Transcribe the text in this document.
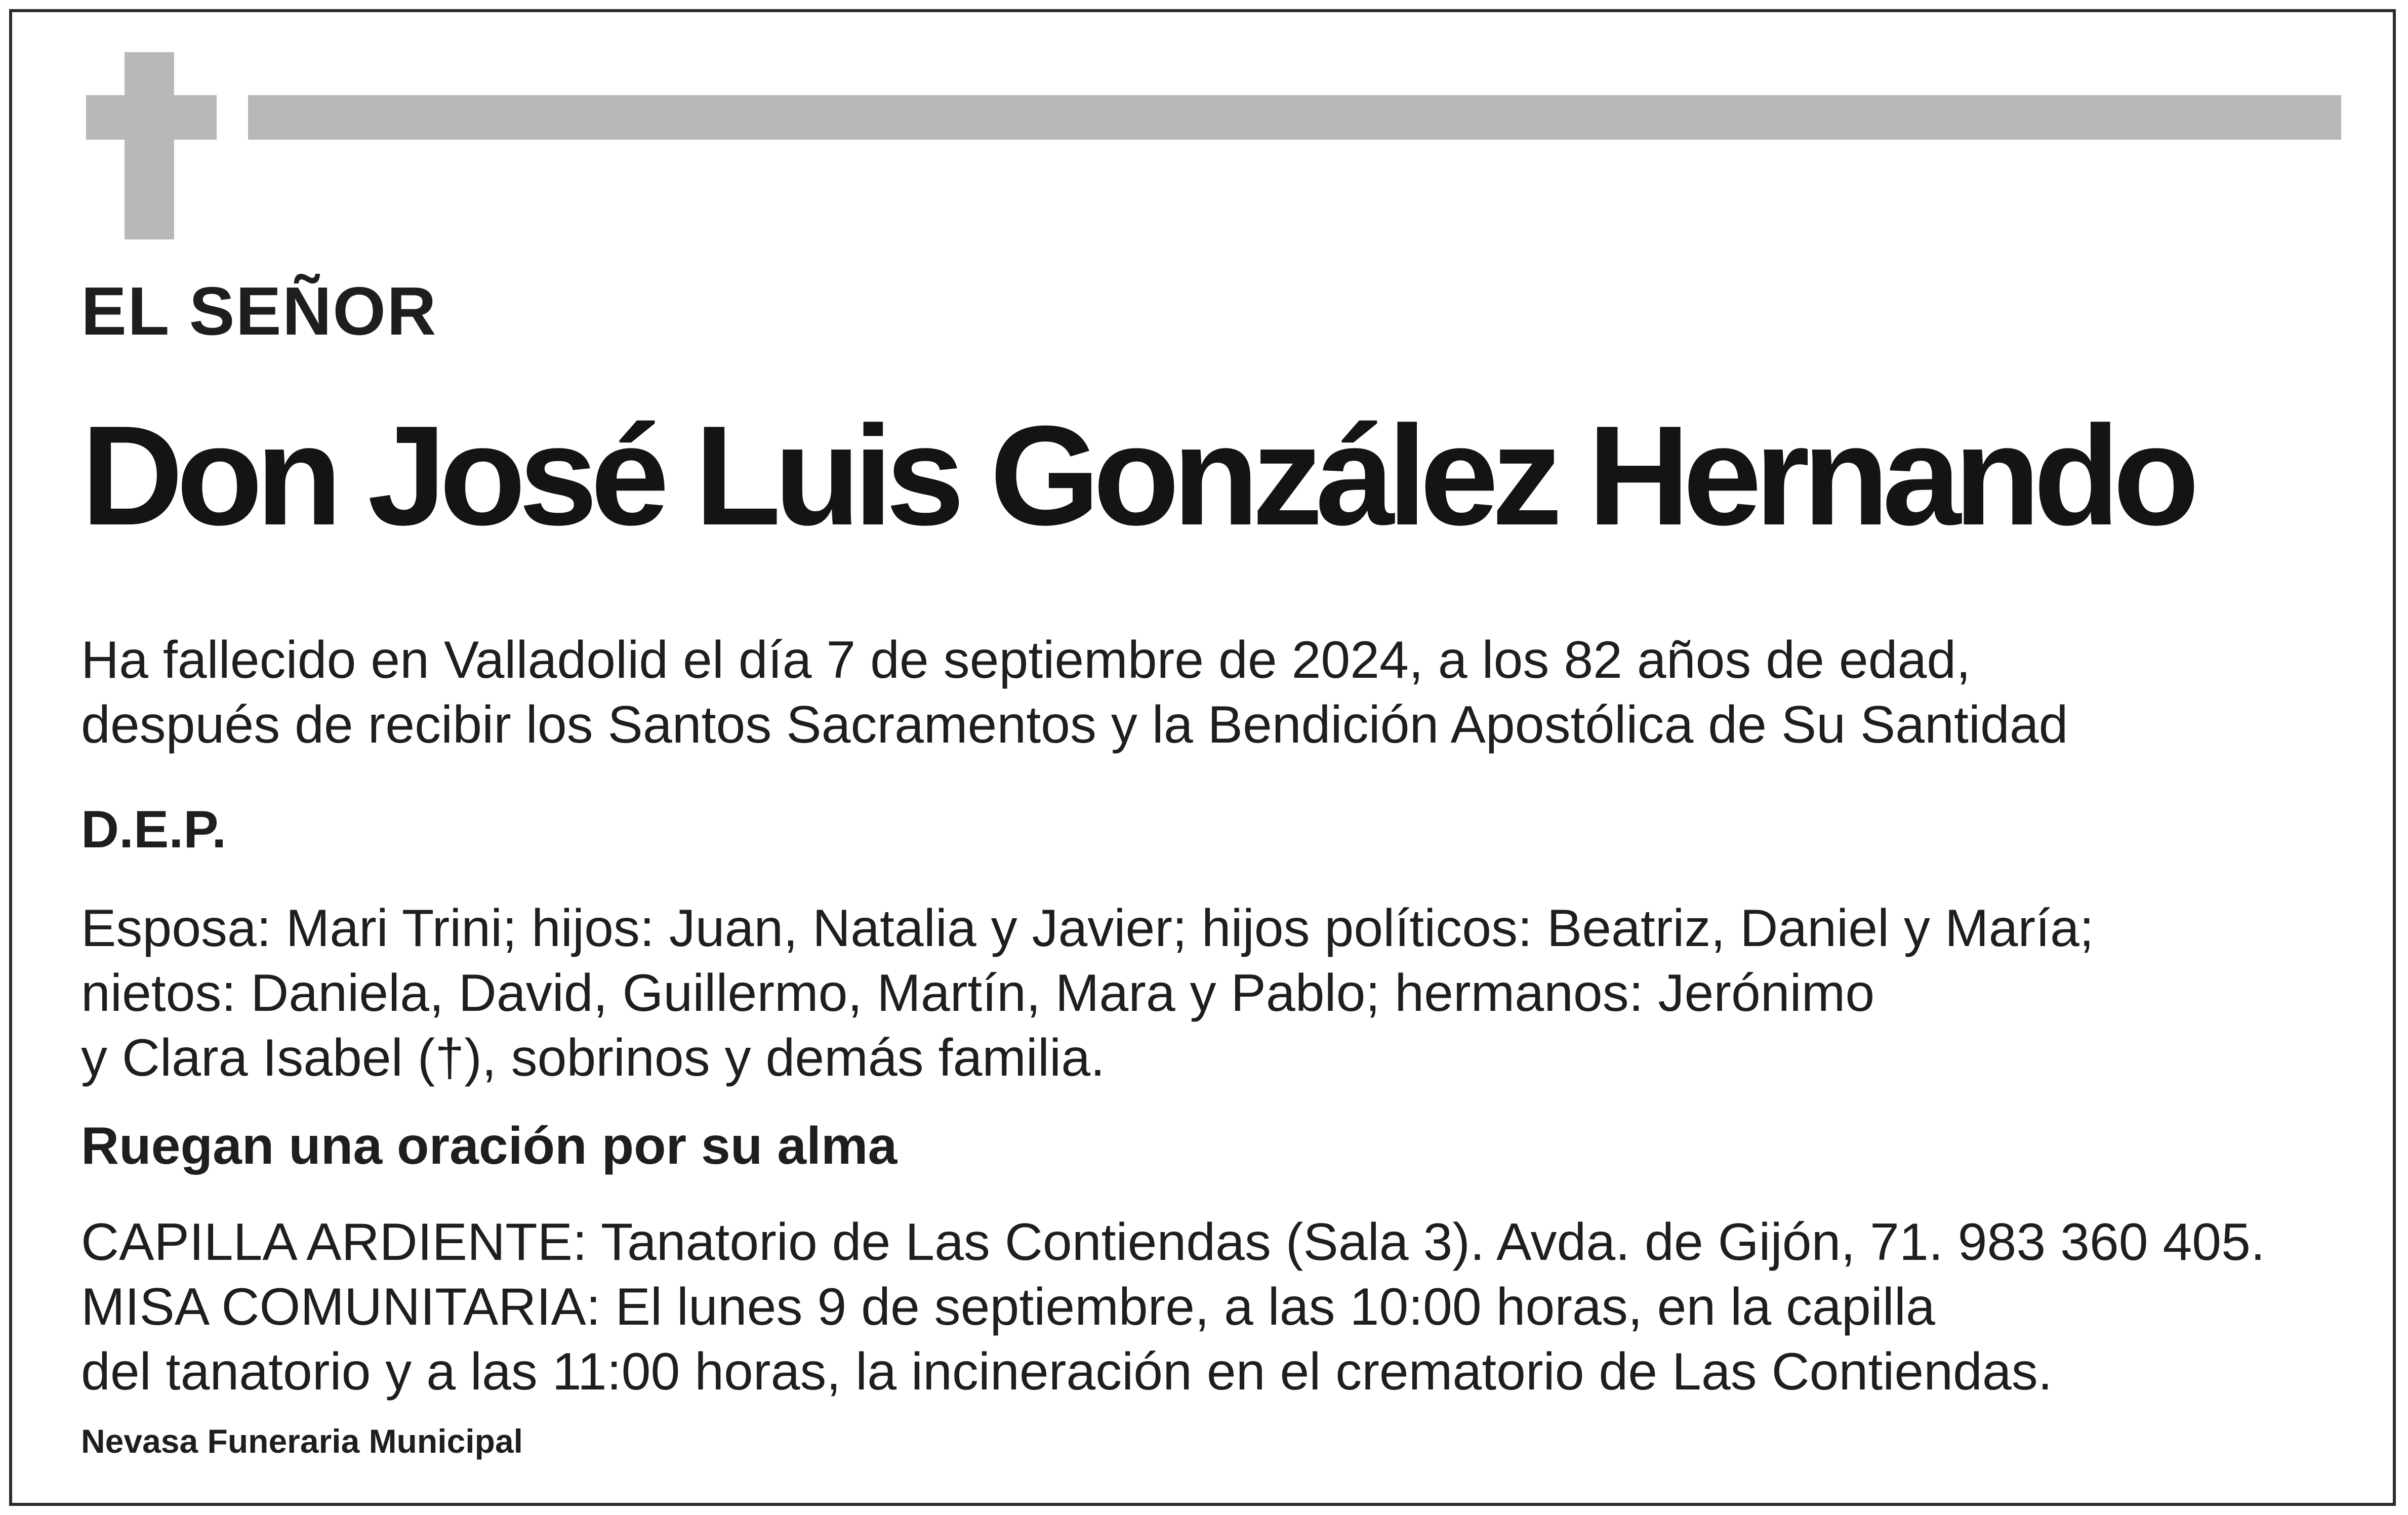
EL SEÑOR

Don José Luis González Hernando

Ha fallecido en Valladolid el día 7 de septiembre de 2024, a los 82 años de edad,
después de recibir los Santos Sacramentos y la Bendición Apostólica de Su Santidad

D.E.P.

Esposa: Mari Trini; hijos: Juan, Natalia y Javier; hijos políticos: Beatriz, Daniel y María;
nietos: Daniela, David, Guillermo, Martín, Mara y Pablo; hermanos: Jerónimo
y Clara Isabel (†), sobrinos y demás familia.

Ruegan una oración por su alma

CAPILLA ARDIENTE: Tanatorio de Las Contiendas (Sala 3). Avda. de Gijón, 71. 983 360 405.
MISA COMUNITARIA: El lunes 9 de septiembre, a las 10:00 horas, en la capilla
del tanatorio y a las 11:00 horas, la incineración en el crematorio de Las Contiendas.

Nevasa Funeraria Municipal
